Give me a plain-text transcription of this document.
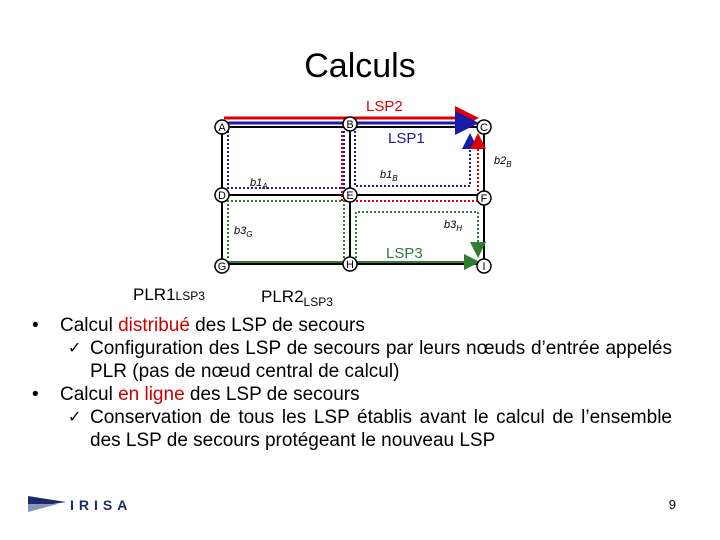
Calculs
A	B	C
D	E	F
G	H	I
LSP2
LSP1
LSP3
$b1_A$
$b1_B$
$b2_B$
$b3_G$
$b3_H$
PLR1LSP3	$PLR2_{LSP3}$
• Calcul distribué des LSP de secours
✓ Configuration des LSP de secours par leurs nœuds d’entrée appelés PLR (pas de nœud central de calcul)
• Calcul en ligne des LSP de secours
✓ Conservation de tous les LSP établis avant le calcul de l’ensemble des LSP de secours protégeant le nouveau LSP
IRISA	9
